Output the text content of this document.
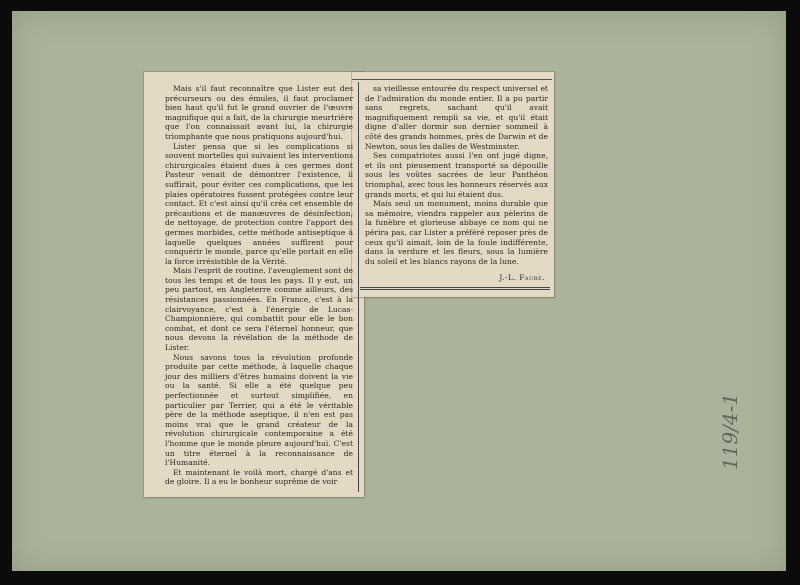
Mais s'il faut reconnaître que Lister eut des précurseurs ou des émules, il faut proclamer bien haut qu'il fut le grand ouvrier de l'œuvre magnifique qui a fait, de la chirurgie meurtrière que l'on connaissait avant lui, la chirurgie triomphante que nous pratiquons aujourd'hui.

Lister pensa que si les complications si souvent mortelles qui suivaient les interventions chirurgicales étaient dues à ces germes dont Pasteur venait de démontrer l'existence, il suffirait, pour éviter ces complications, que les plaies opératoires fussent protégées contre leur contact. Et c'est ainsi qu'il créa cet ensemble de précautions et de manœuvres de désinfection, de nettoyage, de protection contre l'apport des germes morbides, cette méthode antiseptique à laquelle quelques années suffirent pour conquérir le monde, parce qu'elle portait en elle la force irrésistible de la Vérité.

Mais l'esprit de routine, l'aveuglement sont de tous les temps et de tous les pays. Il y eut, un peu partout, en Angleterre comme ailleurs, des résistances passionnées. En France, c'est à la clairvoyance, c'est à l'énergie de Lucas-Championnière, qui combattit pour elle le bon combat, et dont ce sera l'éternel honneur, que nous devons la révélation de la méthode de Lister.

Nous savons tous la révolution profonde produite par cette méthode, à laquelle chaque jour des milliers d'êtres humains doivent la vie ou la santé. Si elle a été quelque peu perfectionnée et surtout simplifiée, en particulier par Terrier, qui a été le véritable père de la méthode aseptique, il n'en est pas moins vrai que le grand créateur de la révolution chirurgicale contemporaine a été l'homme que le monde pleure aujourd'hui. C'est un titre éternel à la reconnaissance de l'Humanité.

Et maintenant le voilà mort, chargé d'ans et de gloire. Il a eu le bonheur suprême de voir

sa vieillesse entourée du respect universel et de l'admiration du monde entier. Il a pu partir sans regrets, sachant qu'il avait magnifiquement rempli sa vie, et qu'il était digne d'aller dormir son dernier sommeil à côté des grands hommes, près de Darwin et de Newton, sous les dalles de Westminster.

Ses compatriotes aussi l'en ont jugé digne, et ils ont pieusement transporté sa dépouille sous les voûtes sacrées de leur Panthéon triomphal, avec tous les honneurs réservés aux grands morts, et qui lui étaient dus.

Mais seul un monument, moins durable que sa mémoire, viendra rappeler aux pèlerins de la funèbre et glorieuse abbaye ce nom qui ne périra pas, car Lister a préféré reposer près de ceux qu'il aimait, loin de la foule indifférente, dans la verdure et les fleurs, sous la lumière du soleil et les blancs rayons de la lune.

J.-L. Faure.
119/4-1
